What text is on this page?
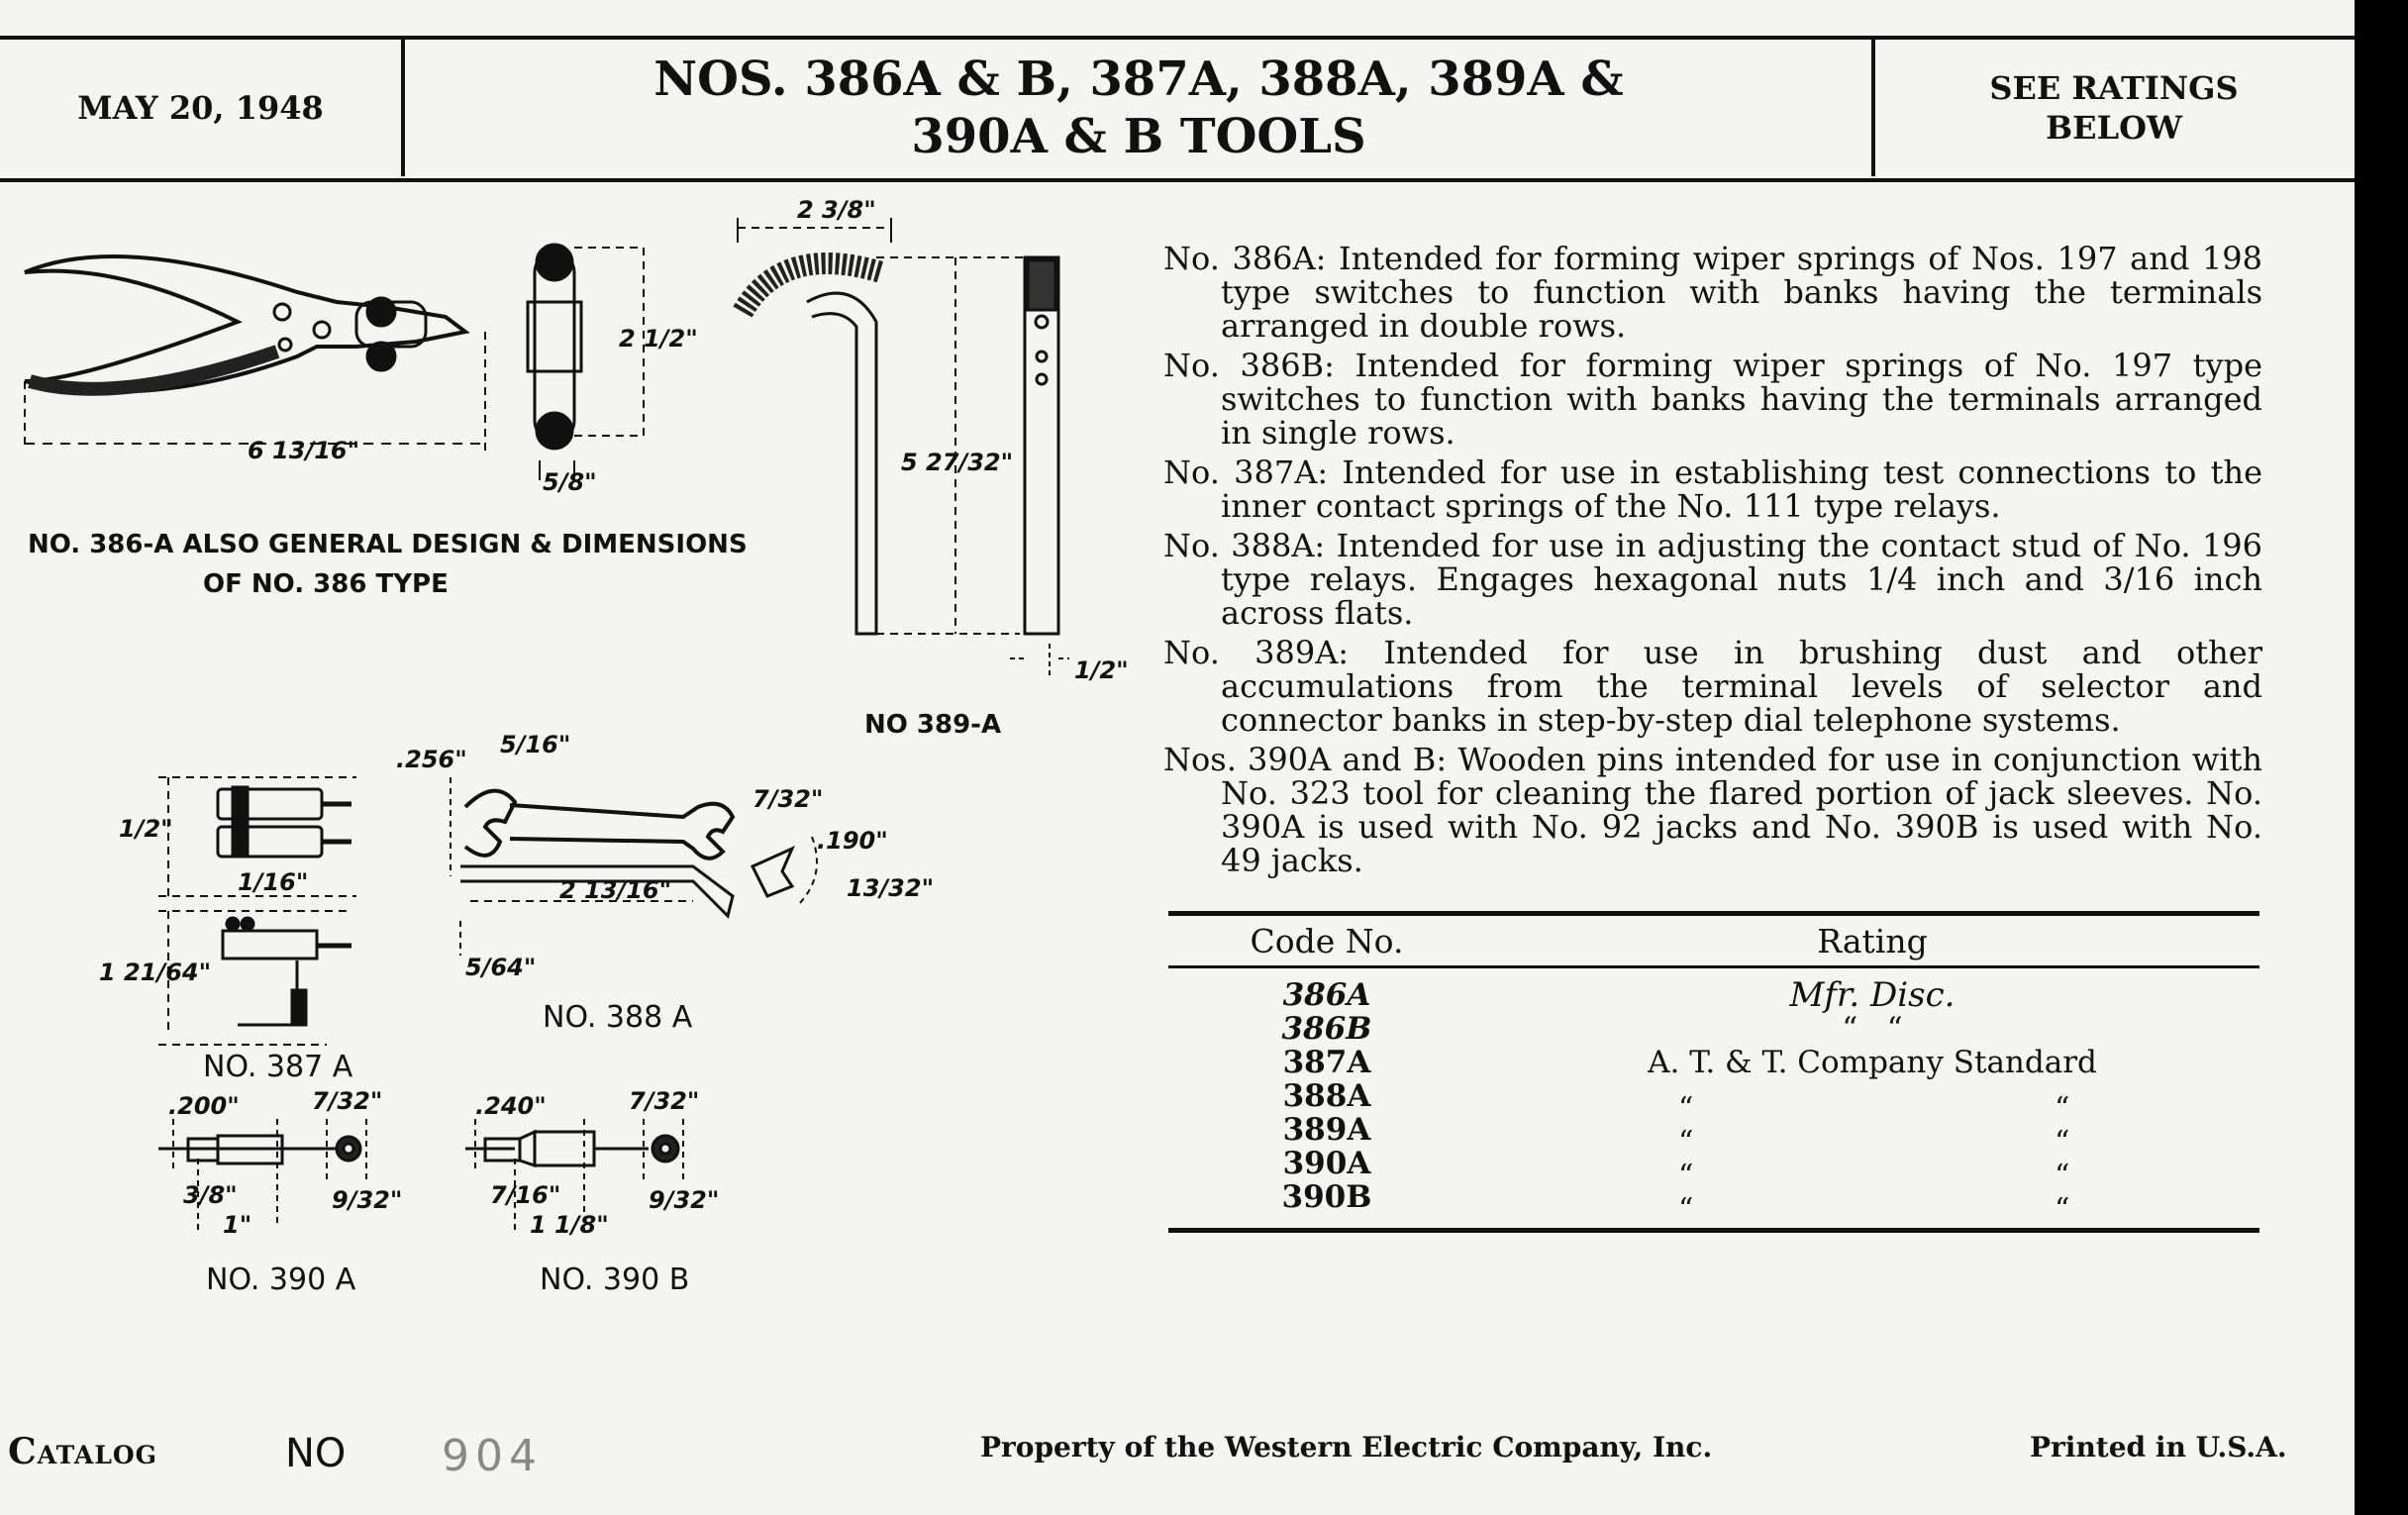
MAY 20, 1948
NOS. 386A & B, 387A, 388A, 389A &
390A & B TOOLS
SEE RATINGS
BELOW
6 13/16"
2 1/2"
5/8"
2 3/8"
5 27/32"
1/2"
.256"
5/16"
2 13/16"
7/32"
.190"
13/32"
5/64"
1/16"
1/2"
1 21/64"
.200"	7/32"
3/8"
1"
9/32"
.240"	7/32"
7/16"
1 1/8"
9/32"
NO. 386-A ALSO GENERAL DESIGN & DIMENSIONS
OF NO. 386 TYPE
NO 389-A
NO. 387 A
NO. 388 A
NO. 390 A	NO. 390 B

No. 386A: Intended for forming wiper springs of Nos. 197 and 198 type switches to function with banks having the terminals arranged in double rows.

No. 386B: Intended for forming wiper springs of No. 197 type switches to function with banks having the terminals arranged in single rows.

No. 387A: Intended for use in establishing test connections to the inner contact springs of the No. 111 type relays.

No. 388A: Intended for use in adjusting the contact stud of No. 196 type relays. Engages hexagonal nuts 1/4 inch and 3/16 inch across flats.

No. 389A: Intended for use in brushing dust and other accumulations from the terminal levels of selector and connector banks in step-by-step dial telephone systems.

Nos. 390A and B: Wooden pins intended for use in conjunction with No. 323 tool for cleaning the flared portion of jack sleeves. No. 390A is used with No. 92 jacks and No. 390B is used with No. 49 jacks.

Code No.	Rating
386A	Mfr. Disc.
386B	“   “
387A	A. T. & T. Company Standard
388A	“	“
389A	“	“
390A	“	“
390B	“	“
Catalog	NO 904	Property of the Western Electric Company, Inc.	Printed in U.S.A.
